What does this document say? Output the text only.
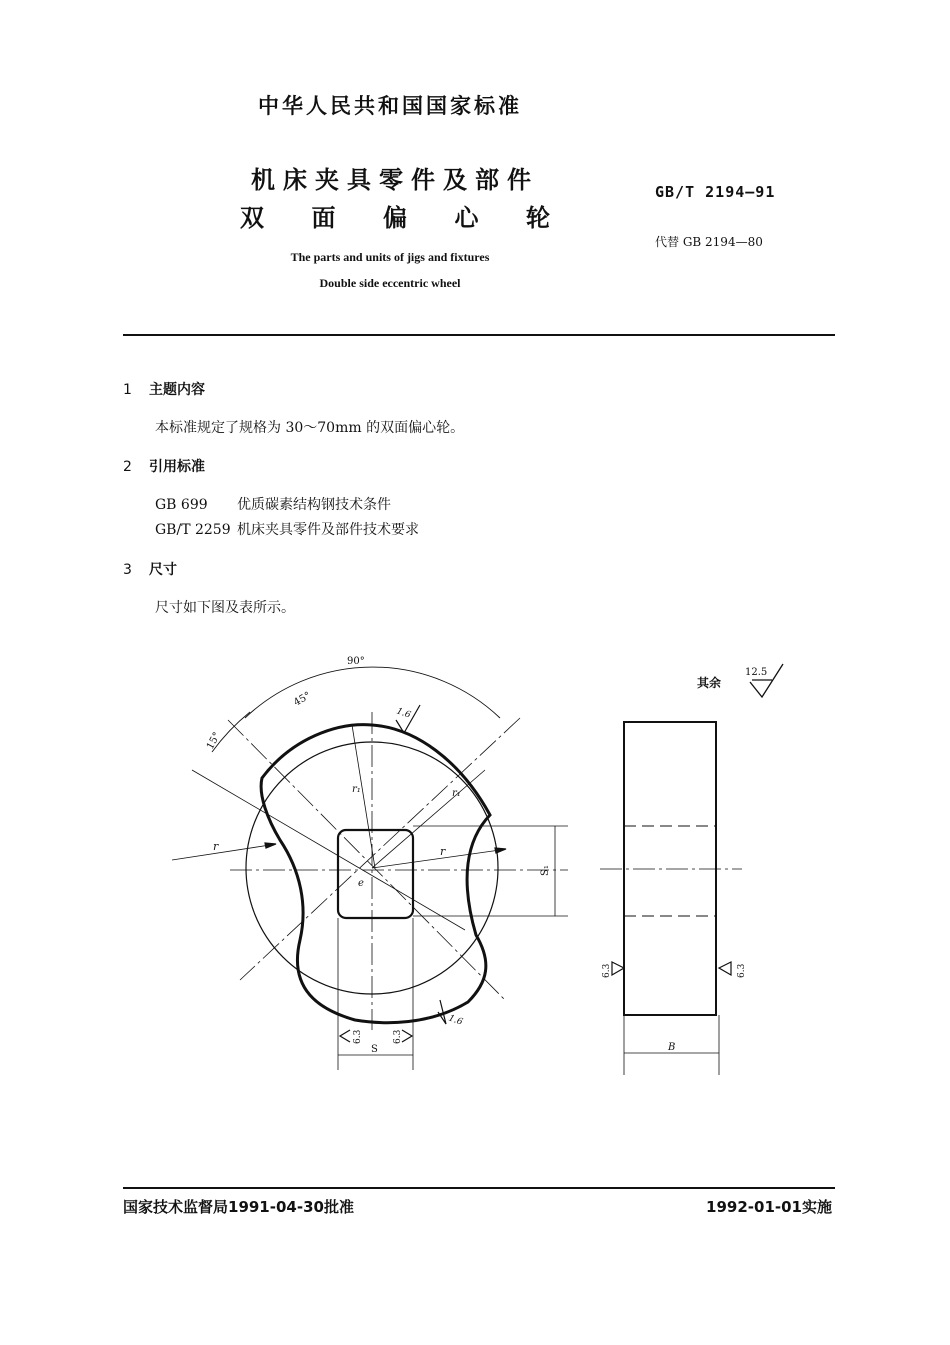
中华人民共和国国家标准
机床夹具零件及部件
双面偏心轮
The parts and units of jigs and fixtures
Double side eccentric wheel
GB/T 2194—91
代替 GB 2194—80
1 主题内容
本标准规定了规格为 30～70mm 的双面偏心轮。
2 引用标准
GB 699 优质碳素结构钢技术条件
GB/T 2259 机床夹具零件及部件技术要求
3 尺寸
尺寸如下图及表所示。
90°
45°
15°
r	r
r₁	r₁
e
S
S₁
B
1.6
1.6
6.3	6.3
6.3	6.3
12.5
其余
国家技术监督局1991-04-30批准	1992-01-01实施
